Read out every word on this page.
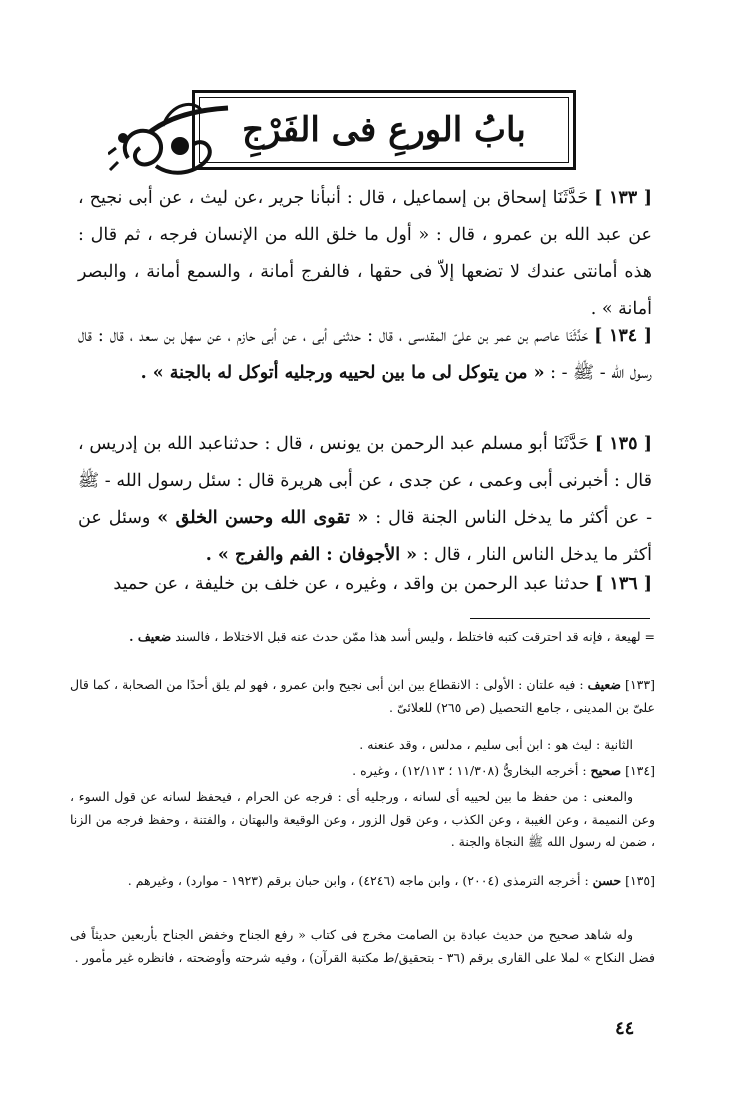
بابُ الورعِ فى الفَرْجِ
[ ١٣٣ ] حَدَّثَنَا إسحاق بن إسماعيل ، قال : أنبأنا جرير ،عن ليث ، عن أبى نجيح ، عن عبد الله بن عمرو ، قال : « أول ما خلق الله من الإنسان فرجه ، ثم قال : هذه أمانتى عندك لا تضعها إلاّ فى حقها ، فالفرج أمانة ، والسمع أمانة ، والبصر أمانة » .
[ ١٣٤ ] حَدَّثَنَا عاصم بن عمر بن علىّ المقدسى ، قال : حدثنى أبى ، عن أبى حازم ، عن سهل بن سعد ، قال : قال رسول الله - ﷺ - : « من يتوكل لى ما بين لحييه ورجليه أتوكل له بالجنة » .
[ ١٣٥ ] حَدَّثَنَا أبو مسلم عبد الرحمن بن يونس ، قال : حدثناعبد الله بن إدريس ، قال : أخبرنى أبى وعمى ، عن جدى ، عن أبى هريرة قال : سئل رسول الله - ﷺ - عن أكثر ما يدخل الناس الجنة قال : « تقوى الله وحسن الخلق » وسئل عن أكثر ما يدخل الناس النار ، قال : « الأجوفان : الفم والفرج » .
[ ١٣٦ ] حدثنا عبد الرحمن بن واقد ، وغيره ، عن خلف بن خليفة ، عن حميد
= لهيعة ، فإنه قد احترقت كتبه فاختلط ، وليس أسد هذا ممّن حدث عنه قبل الاختلاط ، فالسند ضعيف .
[١٣٣] ضعيف : فيه علتان : الأولى : الانقطاع بين ابن أبى نجيح وابن عمرو ، فهو لم يلق أحدًا من الصحابة ، كما قال علىّ بن المدينى ، جامع التحصيل (ص ٢٦٥) للعلائىّ .
الثانية : ليث هو : ابن أبى سليم ، مدلس ، وقد عنعنه .
[١٣٤] صحيح : أخرجه البخارىُّ (١١/٣٠٨ ؛ ١٢/١١٣) ، وغيره .
والمعنى : من حفظ ما بين لحييه أى لسانه ، ورجليه أى : فرجه عن الحرام ، فيحفظ لسانه عن قول السوء ، وعن النميمة ، وعن الغيبة ، وعن الكذب ، وعن قول الزور ، وعن الوقيعة والبهتان ، والفتنة ، وحفظ فرجه من الزنا ، ضمن له رسول الله ﷺ النجاة والجنة .
[١٣٥] حسن : أخرجه الترمذى (٢٠٠٤) ، وابن ماجه (٤٢٤٦) ، وابن حبان برقم (١٩٢٣ - موارد) ، وغيرهم .
وله شاهد صحيح من حديث عبادة بن الصامت مخرج فى كتاب « رفع الجناح وخفض الجناح بأربعين حديثاً فى فضل النكاح » لملا على القارى برقم (٣٦ - بتحقيق/ط مكتبة القرآن) ، وفيه شرحته وأوضحته ، فانظره غير مأمور .
٤٤
